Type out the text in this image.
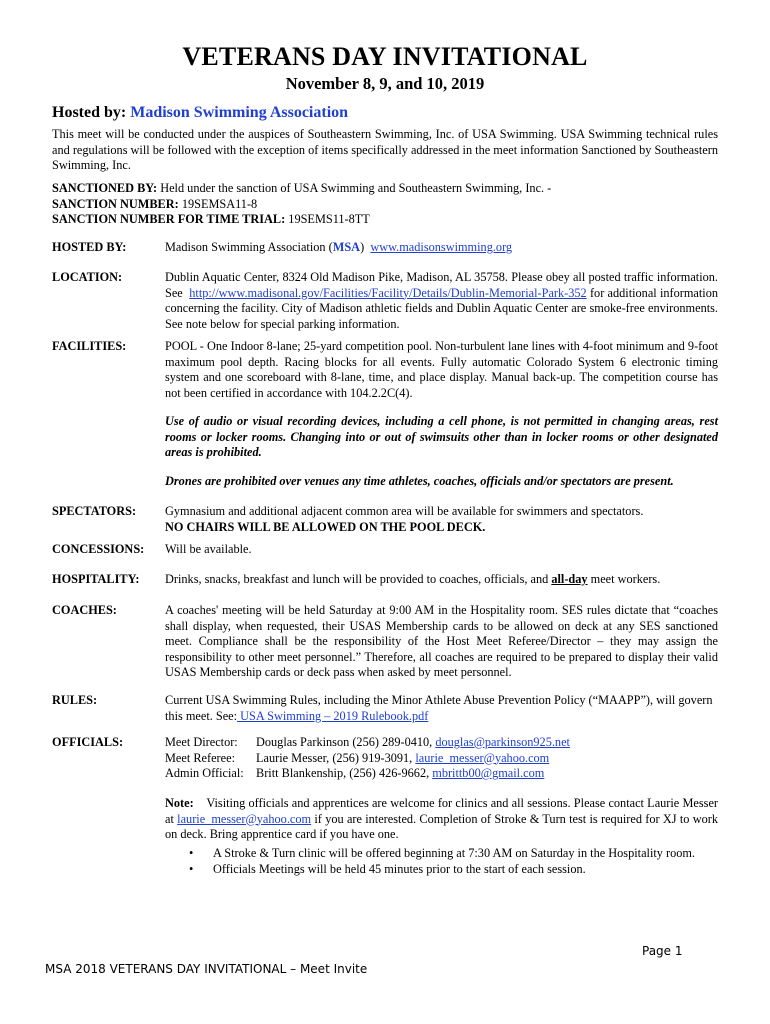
VETERANS DAY INVITATIONAL
November 8, 9, and 10, 2019
Hosted by: Madison Swimming Association
This meet will be conducted under the auspices of Southeastern Swimming, Inc. of USA Swimming. USA Swimming technical rules and regulations will be followed with the exception of items specifically addressed in the meet information Sanctioned by Southeastern Swimming, Inc.
SANCTIONED BY: Held under the sanction of USA Swimming and Southeastern Swimming, Inc. -
SANCTION NUMBER: 19SEMSA11-8
SANCTION NUMBER FOR TIME TRIAL: 19SEMS11-8TT
HOSTED BY:	Madison Swimming Association (MSA) www.madisonswimming.org
LOCATION:	Dublin Aquatic Center, 8324 Old Madison Pike, Madison, AL 35758. Please obey all posted traffic information. See http://www.madisonal.gov/Facilities/Facility/Details/Dublin-Memorial-Park-352 for additional information concerning the facility. City of Madison athletic fields and Dublin Aquatic Center are smoke-free environments. See note below for special parking information.
FACILITIES:	POOL - One Indoor 8-lane; 25-yard competition pool. Non-turbulent lane lines with 4-foot minimum and 9-foot maximum pool depth. Racing blocks for all events. Fully automatic Colorado System 6 electronic timing system and one scoreboard with 8-lane, time, and place display. Manual back-up. The competition course has not been certified in accordance with 104.2.2C(4).
Use of audio or visual recording devices, including a cell phone, is not permitted in changing areas, rest rooms or locker rooms. Changing into or out of swimsuits other than in locker rooms or other designated areas is prohibited.
Drones are prohibited over venues any time athletes, coaches, officials and/or spectators are present.
SPECTATORS: Gymnasium and additional adjacent common area will be available for swimmers and spectators.
NO CHAIRS WILL BE ALLOWED ON THE POOL DECK.
CONCESSIONS: Will be available.
HOSPITALITY: Drinks, snacks, breakfast and lunch will be provided to coaches, officials, and all-day meet workers.
COACHES:	A coaches' meeting will be held Saturday at 9:00 AM in the Hospitality room. SES rules dictate that “coaches shall display, when requested, their USAS Membership cards to be allowed on deck at any SES sanctioned meet. Compliance shall be the responsibility of the Host Meet Referee/Director – they may assign the responsibility to other meet personnel.” Therefore, all coaches are required to be prepared to display their valid USAS Membership cards or deck pass when asked by meet personnel.
RULES:	Current USA Swimming Rules, including the Minor Athlete Abuse Prevention Policy (“MAAPP”), will govern this meet. See: USA Swimming – 2019 Rulebook.pdf
OFFICIALS:	Meet Director: Douglas Parkinson (256) 289-0410, douglas@parkinson925.net
Meet Referee: Laurie Messer, (256) 919-3091, laurie_messer@yahoo.com
Admin Official: Britt Blankenship, (256) 426-9662, mbrittb00@gmail.com
Note: Visiting officials and apprentices are welcome for clinics and all sessions. Please contact Laurie Messer at laurie_messer@yahoo.com if you are interested. Completion of Stroke & Turn test is required for XJ to work on deck. Bring apprentice card if you have one.
• A Stroke & Turn clinic will be offered beginning at 7:30 AM on Saturday in the Hospitality room.
• Officials Meetings will be held 45 minutes prior to the start of each session.
Page 1
MSA 2018 VETERANS DAY INVITATIONAL – Meet Invite
